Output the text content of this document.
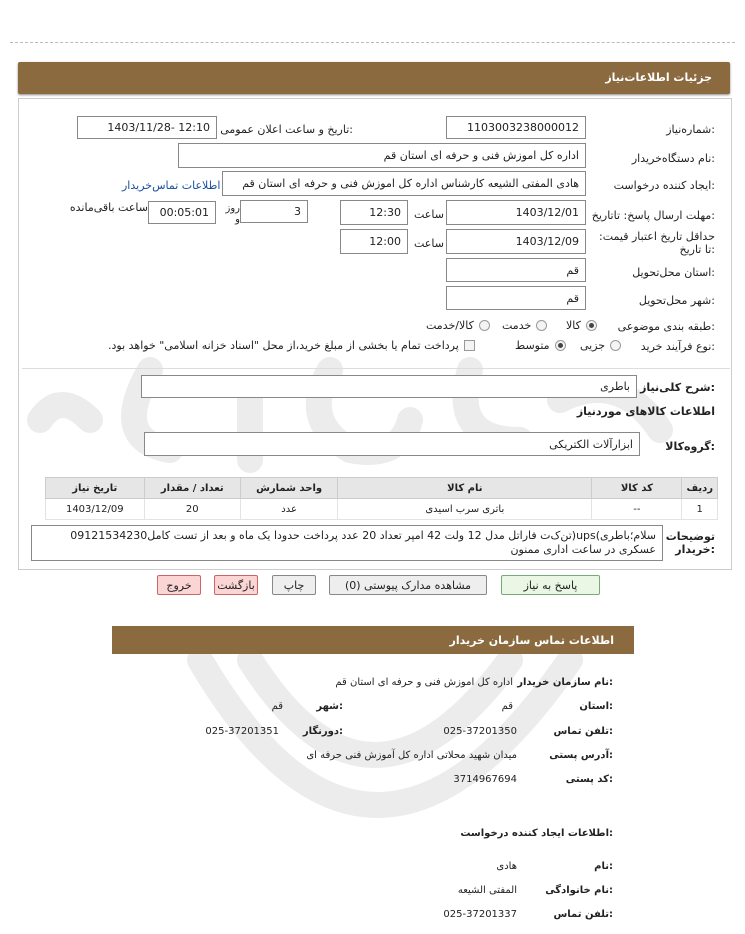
جزئیات اطلاعات‌نیاز
شماره‌نیاز:
1103003238000012
تاریخ و ساعت اعلان عمومی:
1403/11/28- 12:10
نام دستگاه‌خریدار:
اداره کل اموزش فنی و حرفه ای استان قم
ایجاد کننده درخواست:
هادی المفتی الشیعه کارشناس اداره کل اموزش فنی و حرفه ای استان قم
اطلاعات تماس‌خریدار
مهلت ارسال پاسخ: تاتاریخ:
1403/12/01
ساعت
12:30
3
روز و
00:05:01
ساعت باقی‌مانده
حداقل تاریخ اعتبار قیمت: تا تاریخ:
1403/12/09
ساعت
12:00
استان محل‌تحویل:
قم
شهر محل‌تحویل:
قم
طبقه بندی موضوعی:
کالا
خدمت
کالا/خدمت
نوع فرآیند خرید:
جزیی
متوسط
پرداخت تمام یا بخشی از مبلغ خرید،از محل "اسناد خزانه اسلامی" خواهد بود.
شرح کلی‌نیاز:
باطری
اطلاعات کالاهای موردنیاز
گروه‌کالا:
ابزارآلات الکتریکی
ردیف	کد کالا	نام کالا	واحد شمارش	تعداد / مقدار	تاریخ نیاز
1	--	باتری سرب اسیدی	عدد	20	1403/12/09
توضیحات خریدار:
سلام؛باطری)ups(تن‌ک‌ت فاراتل مدل 12 ولت 42 امپر تعداد 20 عدد پرداخت حدودا یک ماه و بعد از تست کامل09121534230 عسکری در ساعت اداری ممنون
پاسخ به نیاز
مشاهده مدارک پیوستی (0)
چاپ
بازگشت
خروج
اطلاعات تماس سازمان خریدار
نام سازمان خریدار:
اداره کل اموزش فنی و حرفه ای استان قم
استان:
قم
شهر:
قم
تلفن تماس:
025-37201350
دورنگار:
025-37201351
آدرس پستی:
میدان شهید محلاتی اداره کل آموزش فنی حرفه ای
کد پستی:
3714967694
اطلاعات ایجاد کننده درخواست:
نام:
هادی
نام خانوادگی:
المفتی الشیعه
تلفن تماس:
025-37201337
